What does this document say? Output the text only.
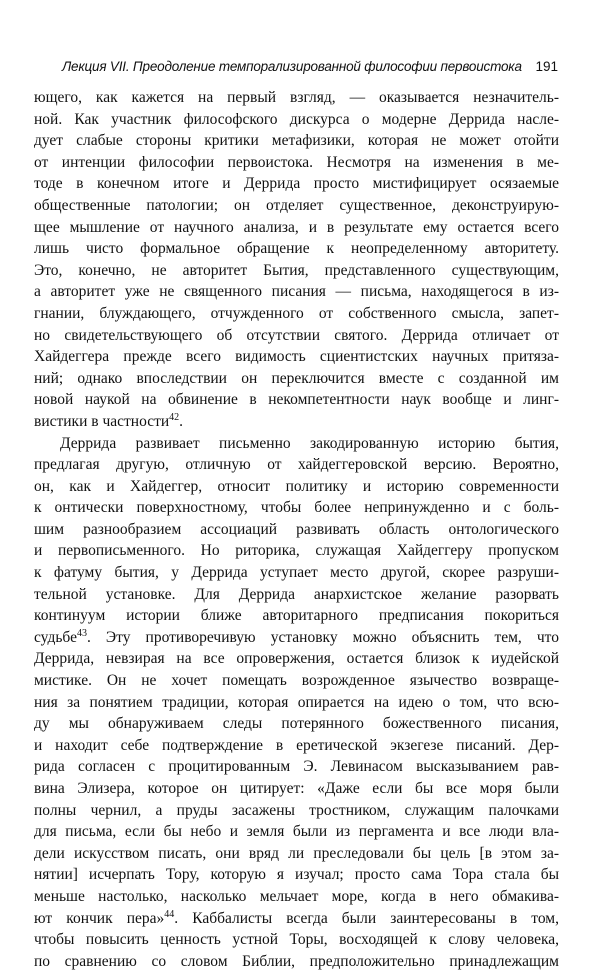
Лекция VII. Преодоление темпорализированной философии первоистока 191
ющего, как кажется на первый взгляд, — оказывается незначитель-
ной. Как участник философского дискурса о модерне Деррида насле-
дует слабые стороны критики метафизики, которая не может отойти
от интенции философии первоистока. Несмотря на изменения в ме-
тоде в конечном итоге и Деррида просто мистифицирует осязаемые
общественные патологии; он отделяет существенное, деконструирую-
щее мышление от научного анализа, и в результате ему остается всего
лишь чисто формальное обращение к неопределенному авторитету.
Это, конечно, не авторитет Бытия, представленного существующим,
а авторитет уже не священного писания — письма, находящегося в из-
гнании, блуждающего, отчужденного от собственного смысла, запет-
но свидетельствующего об отсутствии святого. Деррида отличает от
Хайдеггера прежде всего видимость сциентистских научных притяза-
ний; однако впоследствии он переключится вместе с созданной им
новой наукой на обвинение в некомпетентности наук вообще и линг-
вистики в частности$^{42}$.
Деррида развивает письменно закодированную историю бытия,
предлагая другую, отличную от хайдеггеровской версию. Вероятно,
он, как и Хайдеггер, относит политику и историю современности
к онтически поверхностному, чтобы более непринужденно и с боль-
шим разнообразием ассоциаций развивать область онтологического
и первописьменного. Но риторика, служащая Хайдеггеру пропуском
к фатуму бытия, у Деррида уступает место другой, скорее разруши-
тельной установке. Для Деррида анархистское желание разорвать
континуум истории ближе авторитарного предписания покориться
судьбе$^{43}$. Эту противоречивую установку можно объяснить тем, что
Деррида, невзирая на все опровержения, остается близок к иудейской
мистике. Он не хочет помещать возрожденное язычество возвраще-
ния за понятием традиции, которая опирается на идею о том, что всю-
ду мы обнаруживаем следы потерянного божественного писания,
и находит себе подтверждение в еретической экзегезе писаний. Дер-
рида согласен с процитированным Э. Левинасом высказыванием рав-
вина Элизера, которое он цитирует: «Даже если бы все моря были
полны чернил, а пруды засажены тростником, служащим палочками
для письма, если бы небо и земля были из пергамента и все люди вла-
дели искусством писать, они вряд ли преследовали бы цель [в этом за-
нятии] исчерпать Тору, которую я изучал; просто сама Тора стала бы
меньше настолько, насколько мельчает море, когда в него обмакива-
ют кончик пера»$^{44}$. Каббалисты всегда были заинтересованы в том,
чтобы повысить ценность устной Торы, восходящей к слову человека,
по сравнению со словом Библии, предположительно принадлежащим
